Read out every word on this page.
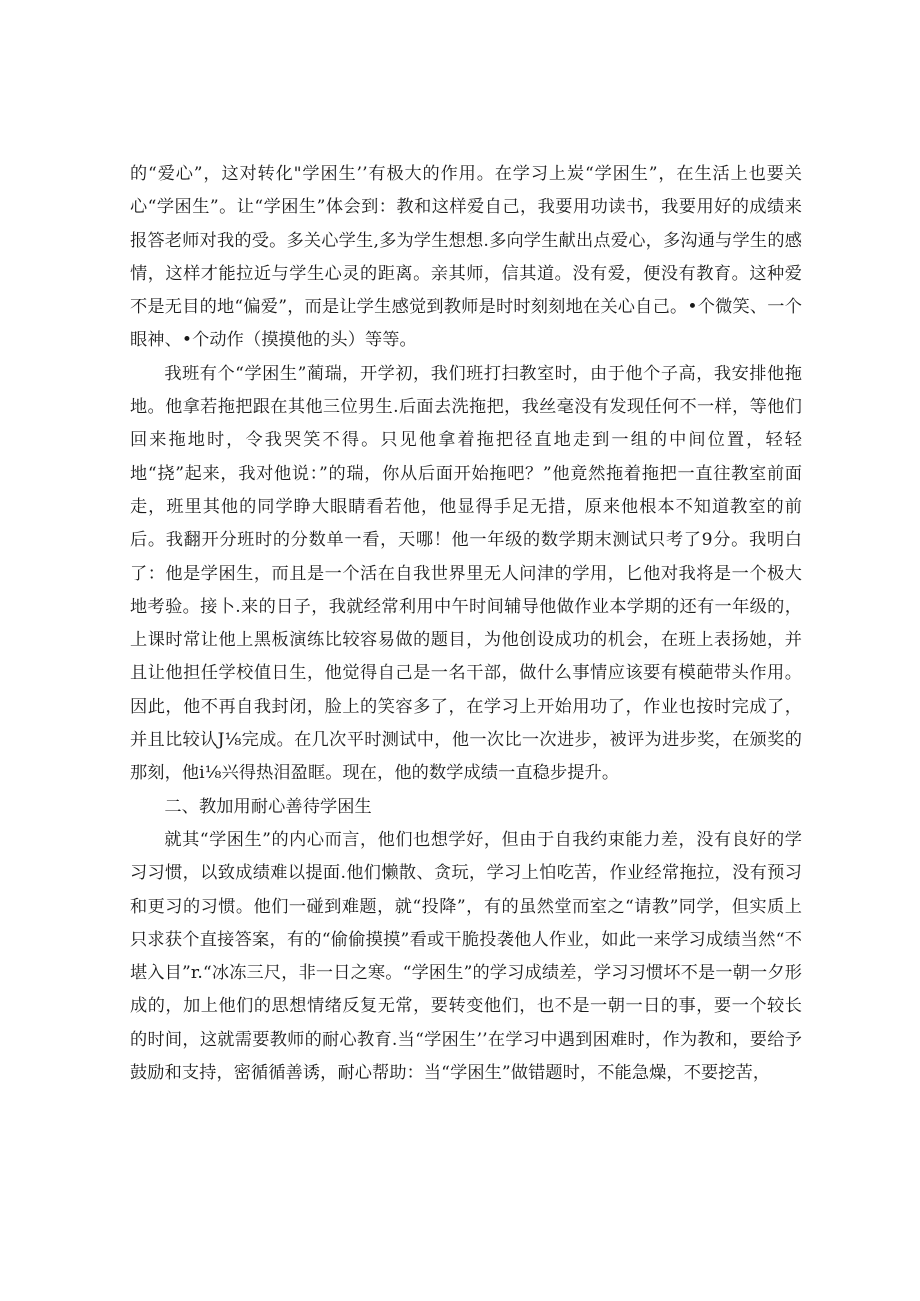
的“爱心”，这对转化"学困生’’有极大的作用。在学习上炭“学困生”，在生活上也要关心“学困生”。让“学困生”体会到：教和这样爱自己，我要用功读书，我要用好的成绩来报答老师对我的受。多关心学生,多为学生想想.多向学生献出点爱心，多沟通与学生的感情，这样才能拉近与学生心灵的距离。亲其师，信其道。没有爱，便没有教育。这种爱不是无目的地“偏爱”，而是让学生感觉到教师是时时刻刻地在关心自己。•个微笑、一个眼神、•个动作（摸摸他的头）等等。

我班有个“学困生”蔺瑞，开学初，我们班打扫教室时，由于他个子高，我安排他拖地。他拿若拖把跟在其他三位男生.后面去洗拖把，我丝毫没有发现任何不一样，等他们回来拖地时，令我哭笑不得。只见他拿着拖把径直地走到一组的中间位置，轻轻地“挠”起来，我对他说：”的瑞，你从后面开始拖吧？”他竟然拖着拖把一直往教室前面走，班里其他的同学睁大眼睛看若他，他显得手足无措，原来他根本不知道教室的前后。我翻开分班时的分数单一看，天哪！他一年级的数学期末测试只考了9分。我明白了：他是学困生，而且是一个活在自我世界里无人问津的学用，匕他对我将是一个极大地考验。接卜.来的日子，我就经常利用中午时间辅导他做作业本学期的还有一年级的，上课时常让他上黑板演练比较容易做的题目，为他创设成功的机会，在班上表扬她，并且让他担任学校值日生，他觉得自己是一名干部，做什么事情应该要有模葩带头作用。因此，他不再自我封闭，脸上的笑容多了，在学习上开始用功了，作业也按时完成了，并且比较认J⅛完成。在几次平时测试中，他一次比一次进步，被评为进步奖，在颁奖的那刻，他i⅛兴得热泪盈眶。现在，他的数学成绩一直稳步提升。

二、教加用耐心善待学困生

就其“学困生”的内心而言，他们也想学好，但由于自我约束能力差，没有良好的学习习惯，以致成绩难以提面.他们懒散、贪玩，学习上怕吃苦，作业经常拖拉，没有预习和更习的习惯。他们一碰到难题，就“投降”，有的虽然堂而室之“请教”同学，但实质上只求获个直接答案，有的“偷偷摸摸”看或干脆投袭他人作业，如此一来学习成绩当然“不堪入目”r.“冰冻三尺，非一日之寒。“学困生”的学习成绩差，学习习惯坏不是一朝一夕形成的，加上他们的思想情绪反复无常，要转变他们，也不是一朝一日的事，要一个较长的时间，这就需要教师的耐心教育.当“学困生’’在学习中遇到困难时，作为教和，要给予鼓励和支持，密循循善诱，耐心帮助：当“学困生”做错题时，不能急燥，不要挖苦，
